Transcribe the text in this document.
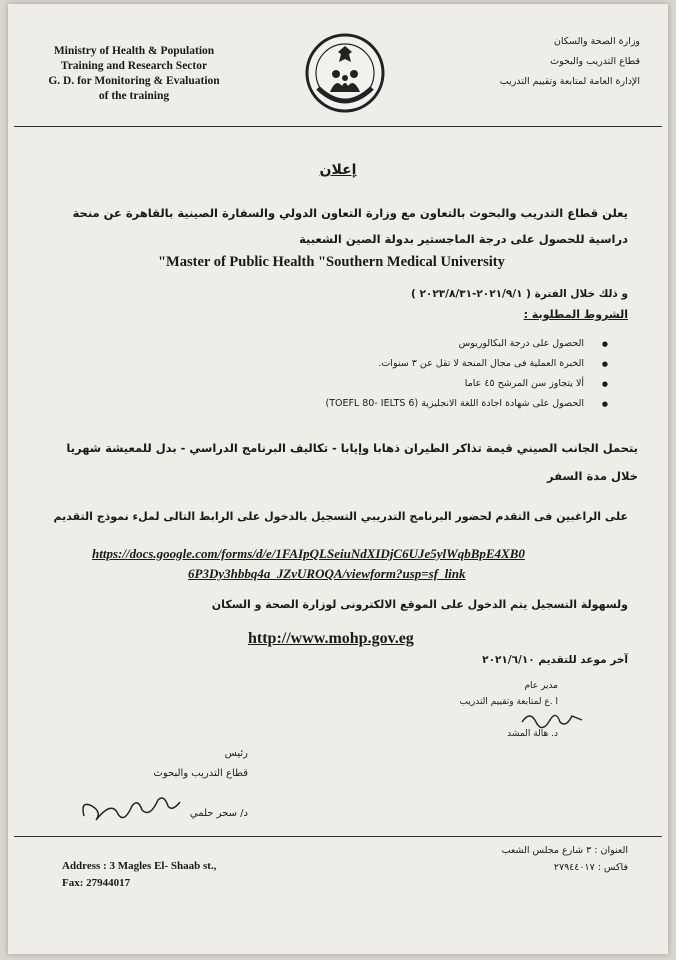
Ministry of Health & Population
Training and Research Sector
G. D. for Monitoring & Evaluation
of the training
وزارة الصحة والسكان
قطاع التدريب والبحوث
الإدارة العامة لمتابعة وتقييم التدريب
إعلان
يعلن قطاع التدريب والبحوث بالتعاون مع وزارة التعاون الدولي والسفارة الصينية بالقاهرة عن منحة دراسية للحصول على درجة الماجستير بدولة الصين الشعبية
"Master of Public Health "Southern Medical University
و ذلك خلال الفترة ( ٢٠٢١/٩/١-٢٠٢٣/٨/٣١ )
الشروط المطلوبة :
● الحصول على درجة البكالوريوس
● الخبرة العملية فى مجال المنحة لا تقل عن ٣ سنوات.
● ألا يتجاوز سن المرشح ٤٥ عاما
● الحصول على شهادة اجادة اللغة الانجليزية (TOEFL 80- IELTS 6)
يتحمل الجانب الصيني قيمة تذاكر الطيران ذهابا وإيابا - تكاليف البرنامج الدراسي - بدل للمعيشة شهريا خلال مدة السفر
على الراغبين فى التقدم لحضور البرنامج التدريبي التسجيل بالدخول على الرابط التالى لملء نموذج التقديم
https://docs.google.com/forms/d/e/1FAIpQLSeiuNdXIDjC6UJe5ylWqbBpE4XB0
6P3Dy3hbbq4a_JZvUROQA/viewform?usp=sf_link
ولسهولة التسجيل يتم الدخول على الموقع الالكترونى لوزارة الصحة و السكان
http://www.mohp.gov.eg
آخر موعد للتقديم ٢٠٢١/٦/١٠
مدير عام
ا .ع لمتابعة وتقييم التدريب
د. هالة المشد
رئيس
قطاع التدريب والبحوث
د/ سحر حلمي
Address : 3 Magles El- Shaab st.,
Fax: 27944017
العنوان : ٣ شارع مجلس الشعب
فاكس : ٢٧٩٤٤٠١٧
